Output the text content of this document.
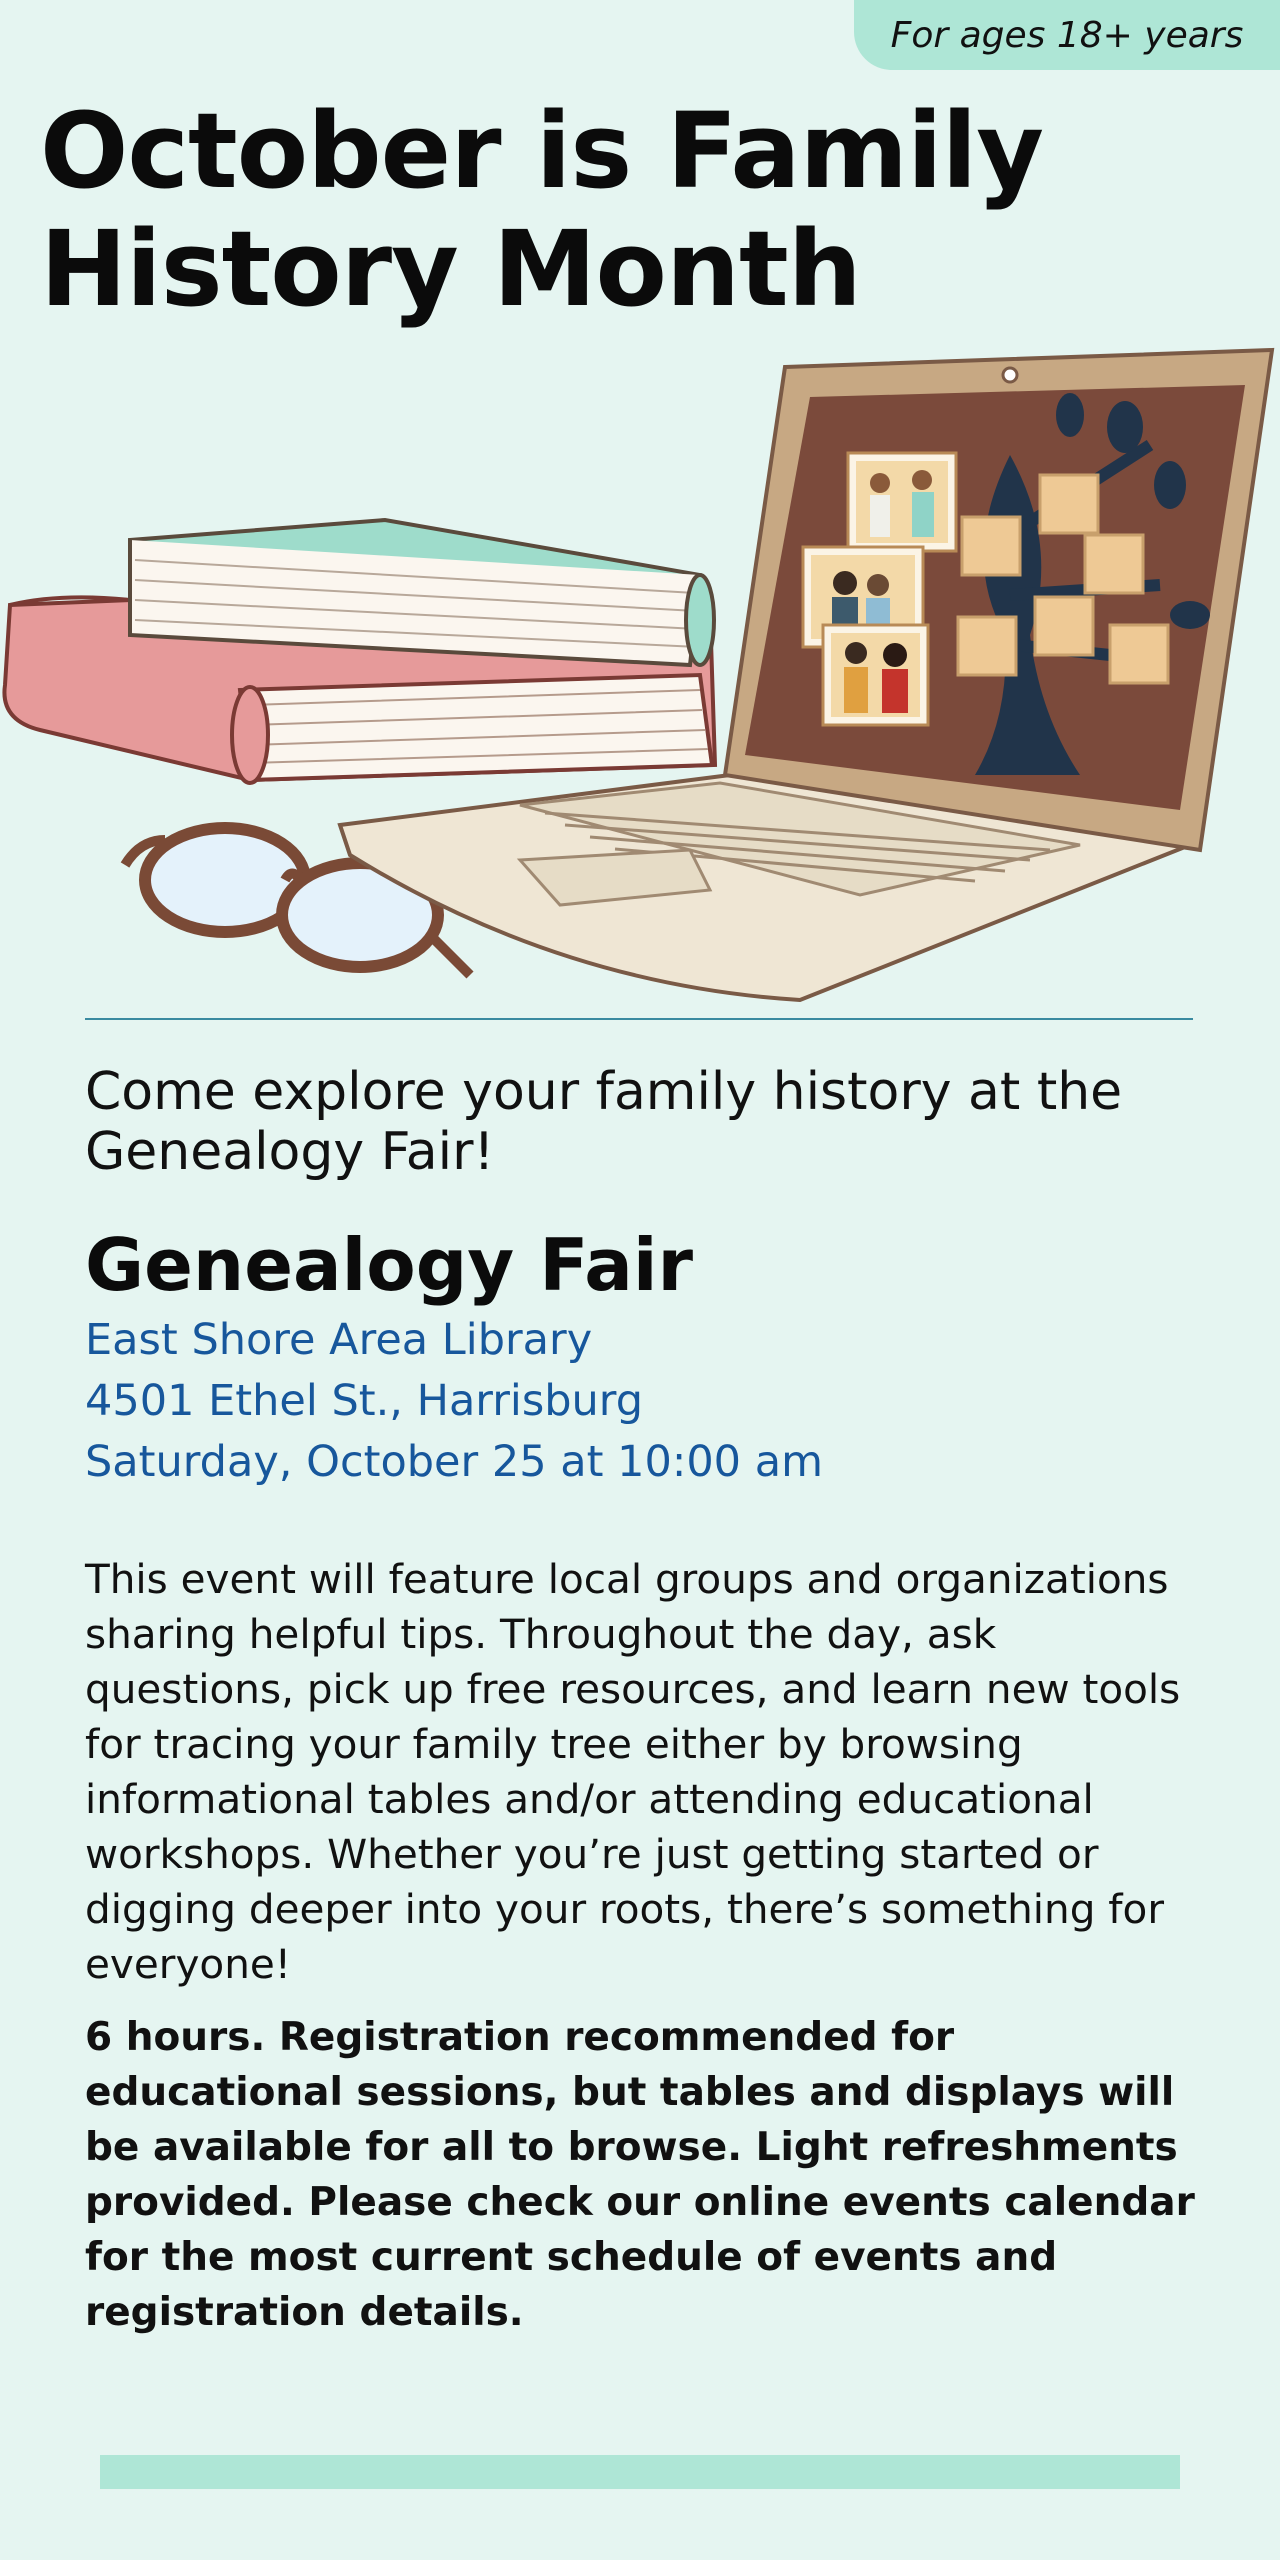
For ages 18+ years
October is Family History Month

Come explore your family history at the Genealogy Fair!

Genealogy Fair
East Shore Area Library
4501 Ethel St., Harrisburg
Saturday, October 25 at 10:00 am

This event will feature local groups and organizations sharing helpful tips. Throughout the day, ask questions, pick up free resources, and learn new tools for tracing your family tree either by browsing informational tables and/or attending educational workshops. Whether you’re just getting started or digging deeper into your roots, there’s something for everyone!

6 hours. Registration recommended for educational sessions, but tables and displays will be available for all to browse. Light refreshments provided. Please check our online events calendar for the most current schedule of events and registration details.
